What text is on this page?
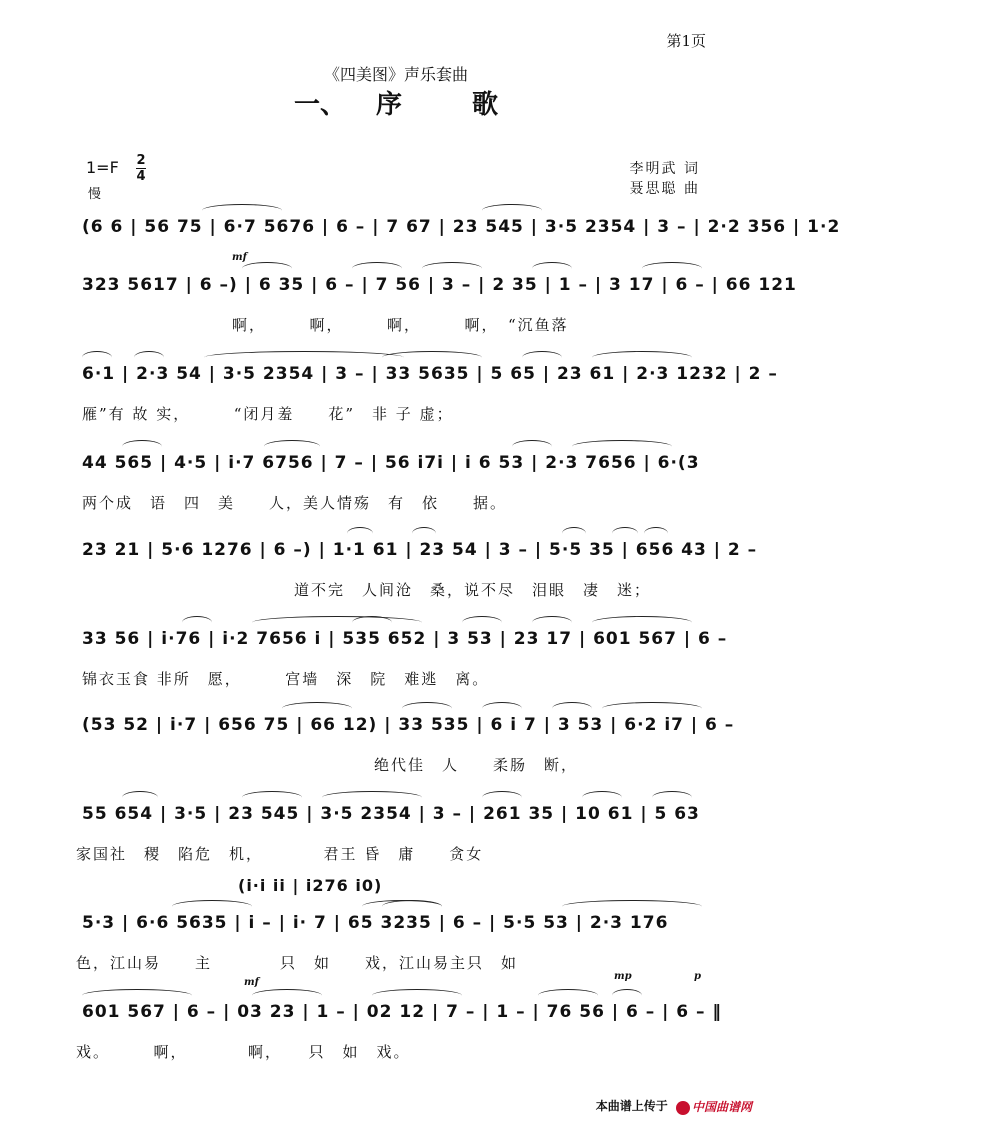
第1页
《四美图》声乐套曲
一、 序	歌
1=F 2
4
慢
李明武 词
聂思聪 曲
(6 6 | 56 75 | 6·7 5676 | 6 – | 7 67 | 23 545 | 3·5 2354 | 3 – | 2·2 356 | 1·2
mf
323 5617 | 6 –) | 6 35 | 6 – | 7 56 | 3 – | 2 35 | 1 – | 3 17 | 6 – | 66 121
啊，　　　啊，　　　啊，　　　啊，　“沉鱼落
6·1 | 2·3 54 | 3·5 2354 | 3 – | 33 5635 | 5 65 | 23 61 | 2·3 1232 | 2 –
雁”有 故 实，　　　“闭月羞　　花”　非 子 虚；
44 565 | 4·5 | i·7 6756 | 7 – | 56 i7i | i 6 53 | 2·3 7656 | 6·(3
两个成　语　四　美　　人，美人情殇　有　依　　据。
23 21 | 5·6 1276 | 6 –) | 1·1 61 | 23 54 | 3 – | 5·5 35 | 656 43 | 2 –
道不完　人间沧　桑，说不尽　泪眼　凄　迷；
33 56 | i·76 | i·2 7656 i | 535 652 | 3 53 | 23 17 | 601 567 | 6 –
锦衣玉食 非所　愿，　　　宫墙　深　院　难逃　离。
(53 52 | i·7 | 656 75 | 66 12) | 33 535 | 6 i 7 | 3 53 | 6·2 i7 | 6 –
绝代佳　人　　柔肠　断，
55 654 | 3·5 | 23 545 | 3·5 2354 | 3 – | 261 35 | 10 61 | 5 63
家国社　稷　陷危　机，　　　　君王 昏　庸　　贪女
(i·i ii | i276 i0)
5·3 | 6·6 5635 | i – | i· 7 | 65 3235 | 6 – | 5·5 53 | 2·3 176
色，江山易　　主　　　　只　如　　戏，江山易主只　如
mf
mp	p
601 567 | 6 – | 03 23 | 1 – | 02 12 | 7 – | 1 – | 76 56 | 6 – | 6 – ‖
戏。　　　啊，　　　　啊，　　只　如　戏。
本曲谱上传于 中国曲谱网
